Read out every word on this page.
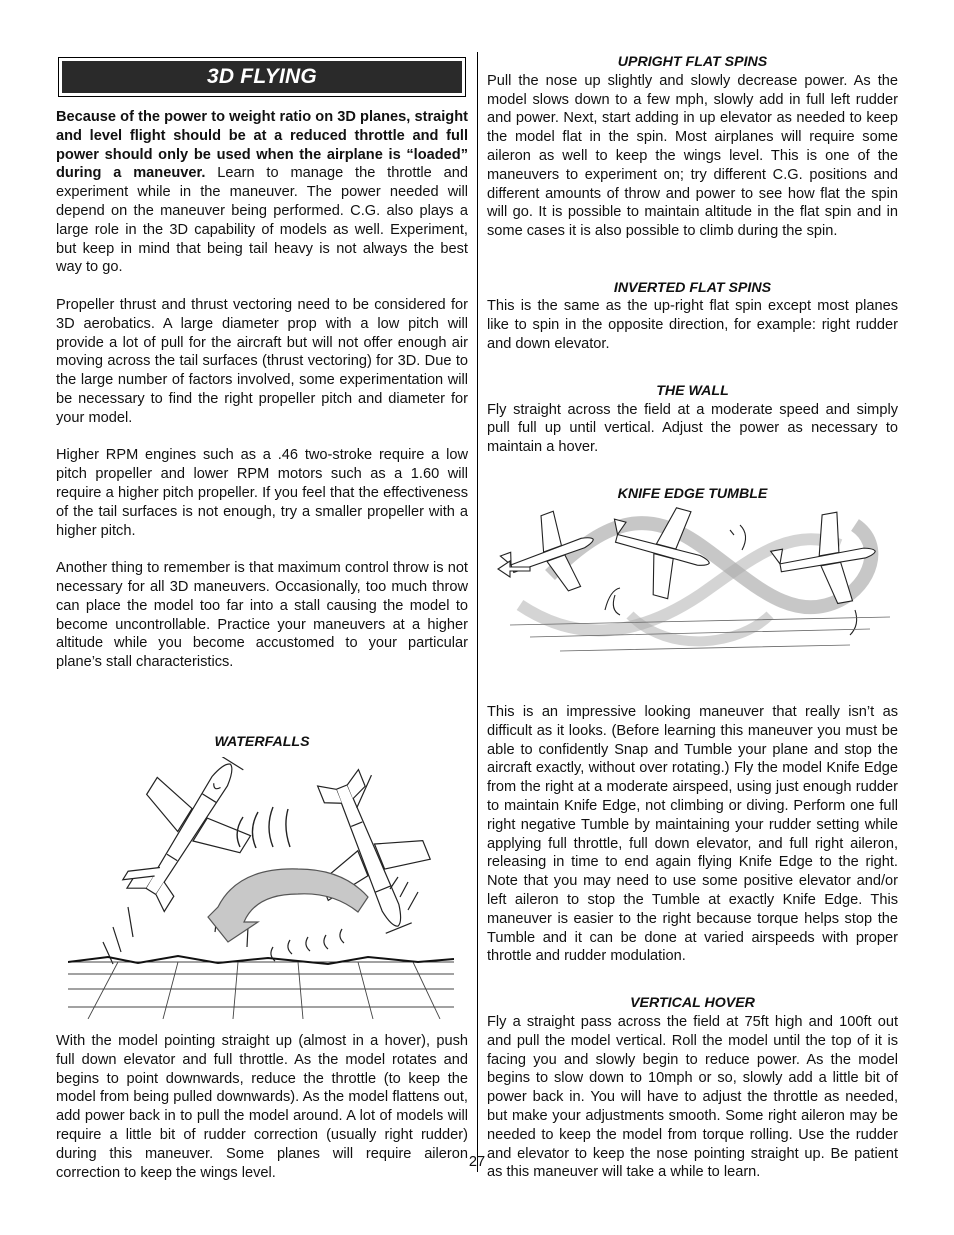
3D FLYING

Because of the power to weight ratio on 3D planes, straight and level flight should be at a reduced throttle and full power should only be used when the airplane is “loaded” during a maneuver. Learn to manage the throttle and experiment while in the maneuver. The power needed will depend on the maneuver being performed. C.G. also plays a large role in the 3D capability of models as well. Experiment, but keep in mind that being tail heavy is not always the best way to go.

Propeller thrust and thrust vectoring need to be considered for 3D aerobatics. A large diameter prop with a low pitch will provide a lot of pull for the aircraft but will not offer enough air moving across the tail surfaces (thrust vectoring) for 3D. Due to the large number of factors involved, some experimentation will be necessary to find the right propeller pitch and diameter for your model.

Higher RPM engines such as a .46 two-stroke require a low pitch propeller and lower RPM motors such as a 1.60 will require a higher pitch propeller. If you feel that the effectiveness of the tail surfaces is not enough, try a smaller propeller with a higher pitch.

Another thing to remember is that maximum control throw is not necessary for all 3D maneuvers. Occasionally, too much throw can place the model too far into a stall causing the model to become uncontrollable. Practice your maneuvers at a higher altitude while you become accustomed to your particular plane’s stall characteristics.

WATERFALLS

With the model pointing straight up (almost in a hover), push full down elevator and full throttle. As the model rotates and begins to point downwards, reduce the throttle (to keep the model from being pulled downwards). As the model flattens out, add power back in to pull the model around. A lot of models will require a little bit of rudder correction (usually right rudder) during this maneuver. Some planes will require aileron correction to keep the wings level.

UPRIGHT FLAT SPINS

Pull the nose up slightly and slowly decrease power. As the model slows down to a few mph, slowly add in full left rudder and power. Next, start adding in up elevator as needed to keep the model flat in the spin. Most airplanes will require some aileron as well to keep the wings level. This is one of the maneuvers to experiment on; try different C.G. positions and different amounts of throw and power to see how flat the spin will go. It is possible to maintain altitude in the flat spin and in some cases it is also possible to climb during the spin.

INVERTED FLAT SPINS

This is the same as the up-right flat spin except most planes like to spin in the opposite direction, for example: right rudder and down elevator.

THE WALL

Fly straight across the field at a moderate speed and simply pull full up until vertical. Adjust the power as necessary to maintain a hover.

KNIFE EDGE TUMBLE

This is an impressive looking maneuver that really isn’t as difficult as it looks. (Before learning this maneuver you must be able to confidently Snap and Tumble your plane and stop the aircraft exactly, without over rotating.) Fly the model Knife Edge from the right at a moderate airspeed, using just enough rudder to maintain Knife Edge, not climbing or diving. Perform one full right negative Tumble by maintaining your rudder setting while applying full throttle, full down elevator, and full right aileron, releasing in time to end again flying Knife Edge to the right. Note that you may need to use some positive elevator and/or left aileron to stop the Tumble at exactly Knife Edge. This maneuver is easier to the right because torque helps stop the Tumble and it can be done at varied airspeeds with proper throttle and rudder modulation.

VERTICAL HOVER

Fly a straight pass across the field at 75ft high and 100ft out and pull the model vertical. Roll the model until the top of it is facing you and slowly begin to reduce power. As the model begins to slow down to 10mph or so, slowly add a little bit of power back in. You will have to adjust the throttle as needed, but make your adjustments smooth. Some right aileron may be needed to keep the model from torque rolling. Use the rudder and elevator to keep the nose pointing straight up. Be patient as this maneuver will take a while to learn.

27
